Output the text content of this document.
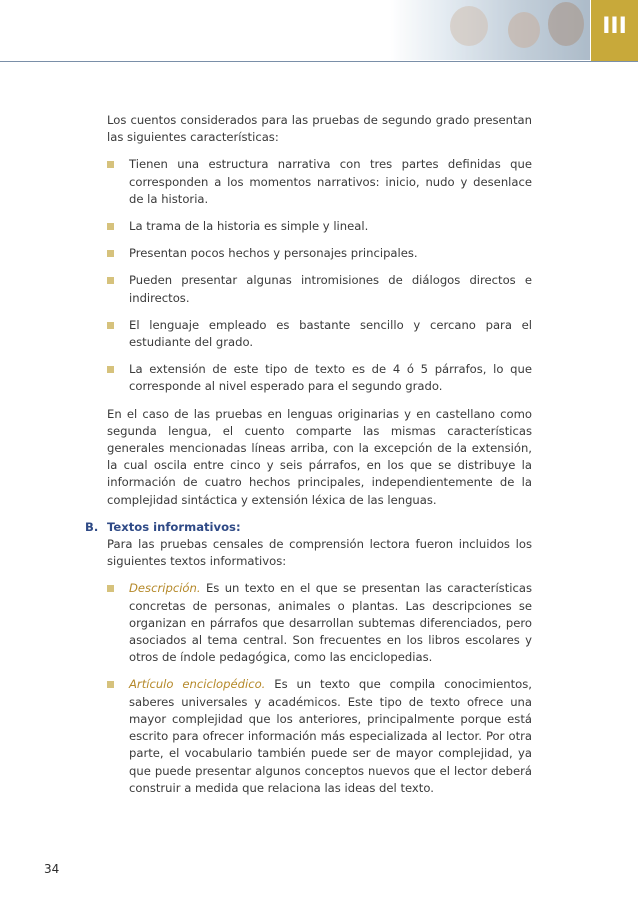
III

Los cuentos considerados para las pruebas de segundo grado presentan las siguientes características:

Tienen una estructura narrativa con tres partes definidas que corresponden a los momentos narrativos: inicio, nudo y desenlace de la historia.
La trama de la historia es simple y lineal.
Presentan pocos hechos y personajes principales.
Pueden presentar algunas intromisiones de diálogos directos e indirectos.
El lenguaje empleado es bastante sencillo y cercano para el estudiante del grado.
La extensión de este tipo de texto es de 4 ó 5 párrafos, lo que corresponde al nivel esperado para el segundo grado.

En el caso de las pruebas en lenguas originarias y en castellano como segunda lengua, el cuento comparte las mismas características generales mencionadas líneas arriba, con la excepción de la extensión, la cual oscila entre cinco y seis párrafos, en los que se distribuye la información de cuatro hechos principales, independientemente de la complejidad sintáctica y extensión léxica de las lenguas.

B. Textos informativos:

Para las pruebas censales de comprensión lectora fueron incluidos los siguientes textos informativos:

Descripción. Es un texto en el que se presentan las características concretas de personas, animales o plantas. Las descripciones se organizan en párrafos que desarrollan subtemas diferenciados, pero asociados al tema central. Son frecuentes en los libros escolares y otros de índole pedagógica, como las enciclopedias.
Artículo enciclopédico. Es un texto que compila conocimientos, saberes universales y académicos. Este tipo de texto ofrece una mayor complejidad que los anteriores, principalmente porque está escrito para ofrecer información más especializada al lector. Por otra parte, el vocabulario también puede ser de mayor complejidad, ya que puede presentar algunos conceptos nuevos que el lector deberá construir a medida que relaciona las ideas del texto.
34
